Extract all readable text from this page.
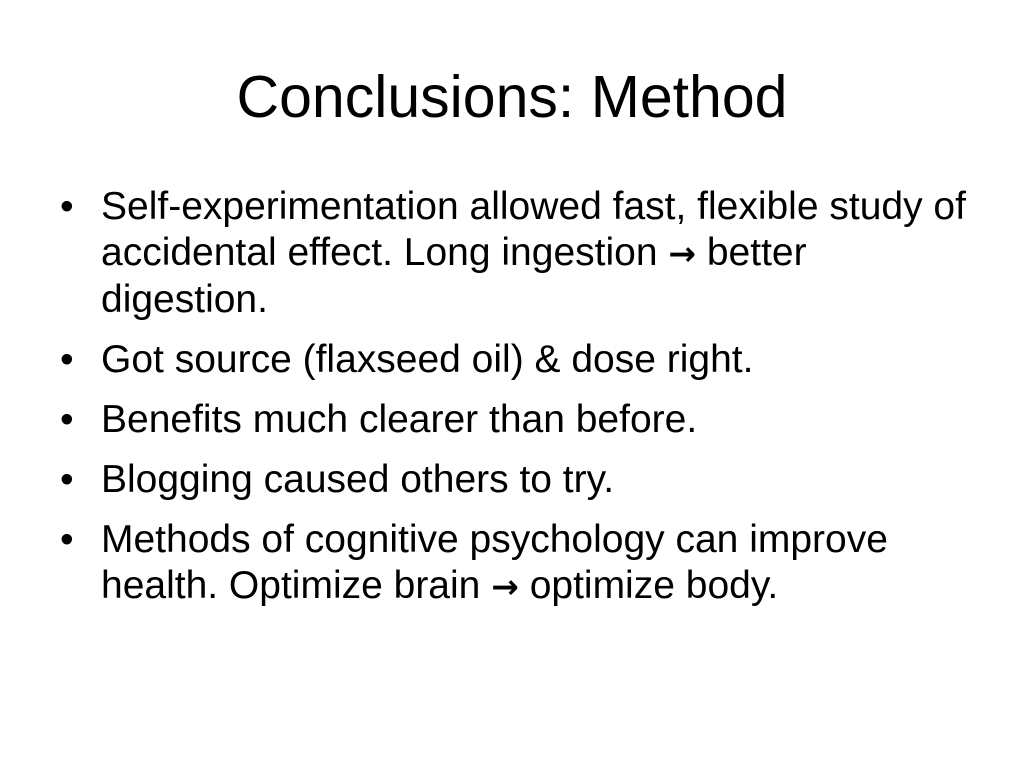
Conclusions: Method
• Self-experimentation allowed fast, flexible study of accidental effect. Long ingestion → better digestion.
• Got source (flaxseed oil) & dose right.
• Benefits much clearer than before.
• Blogging caused others to try.
• Methods of cognitive psychology can improve health. Optimize brain → optimize body.
